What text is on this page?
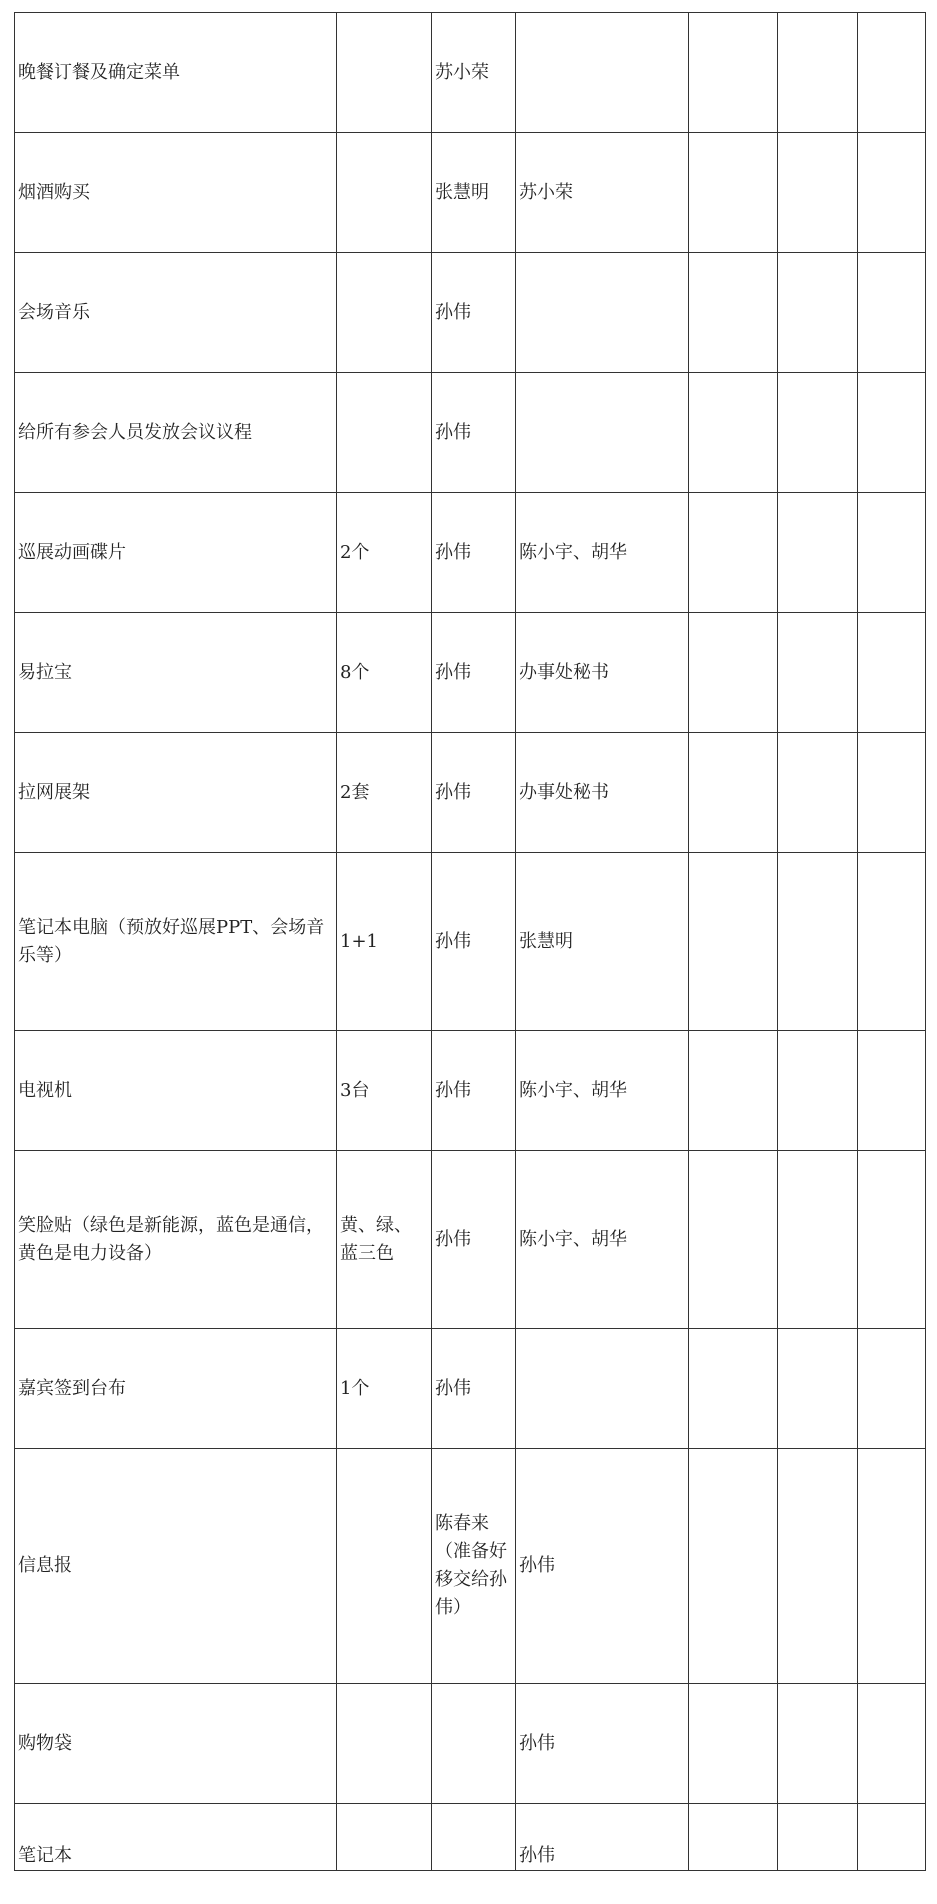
晚餐订餐及确定菜单		苏小荣				
烟酒购买		张慧明	苏小荣			
会场音乐		孙伟				
给所有参会人员发放会议议程		孙伟				
巡展动画碟片	2个	孙伟	陈小宇、胡华			
易拉宝	8个	孙伟	办事处秘书			
拉网展架	2套	孙伟	办事处秘书			
笔记本电脑（预放好巡展PPT、会场音乐等）	1+1	孙伟	张慧明			
电视机	3台	孙伟	陈小宇、胡华			
笑脸贴（绿色是新能源，蓝色是通信，黄色是电力设备）	黄、绿、蓝三色	孙伟	陈小宇、胡华			
嘉宾签到台布	1个	孙伟				
信息报		陈春来（准备好移交给孙伟）	孙伟			
购物袋			孙伟			
笔记本			孙伟			
